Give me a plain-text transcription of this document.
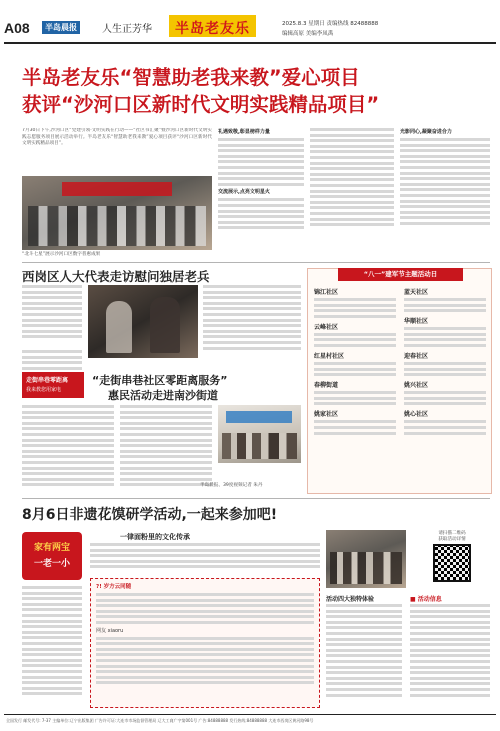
A08	半岛晨报	人生正芳华	半岛老友乐	2025.8.3 星期日 责编热线 82488888
编辑高原 美编李凤禹
半岛老友乐“智慧助老我来教”爱心项目
获评“沙河口区新时代文明实践精品项目”
7月30日下午,沙河口区“党建引领·文明实践在行动——“社区书汇聚”暨沙河口区新时代文明实践志愿服务项目展示活动举行。半岛老友乐“智慧助老我来教”爱心项目获评“沙河口区新时代文明实践精品项目”。
“北斗七星”展示沙河口区数字普惠成果
礼遇致敬,彰显榜样力量
交流展示,点亮文明星火
光影同心,凝聚奋进合力
西岗区人大代表走访慰问独居老兵
走街串巷零距离
我来教您用家电
“走街串巷社区零距离服务”
惠民活动走进南沙街道
半岛晨报、39度视频记者 朱丹
“八一”建军节主题活动日
锦江社区
云峰社区
红星村社区
春柳街道
姚家社区
蓝天社区
华顺社区
迎春社区
姚兴社区
姚心社区
8月6日非遗花馍研学活动,一起来参加吧!
家有两宝
一老一小
一律面粉里的文化传承
?! 岁方云同随
网友 xiaoru
请扫描二维码
获取活动详情
活动四大独特体验	■ 活动信息
全国发行 邮发代号: 7-37 主编单位:辽宁出版集团 广告许可证:大连市市场监督管理局 辽大工商广字第001号 广告:84888888 发行热线:84888888 大连市西岗区黄河路98号
